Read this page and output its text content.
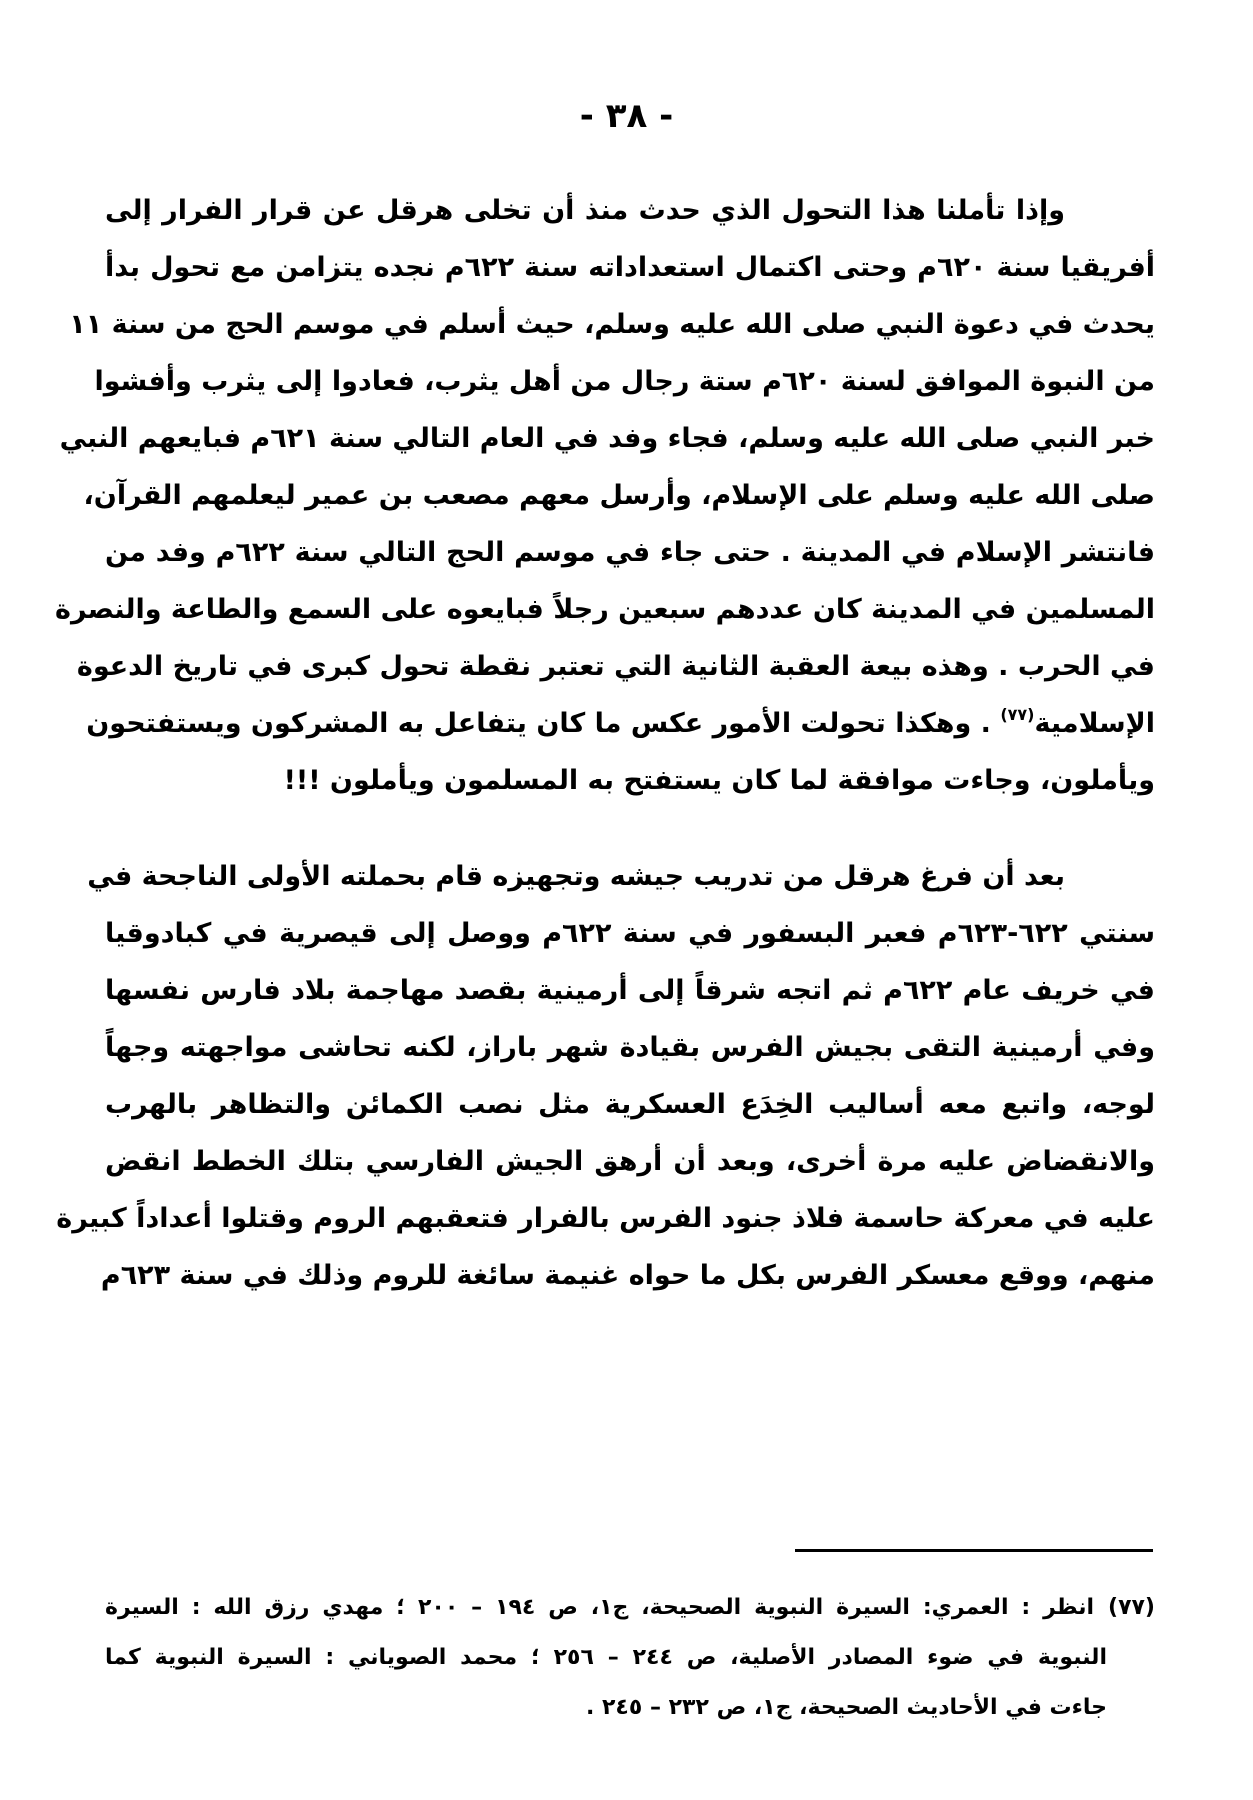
- ٣٨ -
وإذا تأملنا هذا التحول الذي حدث منذ أن تخلى هرقل عن قرار الفرار إلى
أفريقيا سنة ٦٢٠م وحتى اكتمال استعداداته سنة ٦٢٢م نجده يتزامن مع تحول بدأ
يحدث في دعوة النبي صلى الله عليه وسلم، حيث أسلم في موسم الحج من سنة ١١
من النبوة الموافق لسنة ٦٢٠م ستة رجال من أهل يثرب، فعادوا إلى يثرب وأفشوا
خبر النبي صلى الله عليه وسلم، فجاء وفد في العام التالي سنة ٦٢١م فبايعهم النبي
صلى الله عليه وسلم على الإسلام، وأرسل معهم مصعب بن عمير ليعلمهم القرآن،
فانتشر الإسلام في المدينة . حتى جاء في موسم الحج التالي سنة ٦٢٢م وفد من
المسلمين في المدينة كان عددهم سبعين رجلاً فبايعوه على السمع والطاعة والنصرة
في الحرب . وهذه بيعة العقبة الثانية التي تعتبر نقطة تحول كبرى في تاريخ الدعوة
الإسلامية$^{(٧٧)}$ . وهكذا تحولت الأمور عكس ما كان يتفاعل به المشركون ويستفتحون
ويأملون، وجاءت موافقة لما كان يستفتح به المسلمون ويأملون !!!
بعد أن فرغ هرقل من تدريب جيشه وتجهيزه قام بحملته الأولى الناجحة في
سنتي ٦٢٢-٦٢٣م فعبر البسفور في سنة ٦٢٢م ووصل إلى قيصرية في كبادوقيا
في خريف عام ٦٢٢م ثم اتجه شرقاً إلى أرمينية بقصد مهاجمة بلاد فارس نفسها
وفي أرمينية التقى بجيش الفرس بقيادة شهر باراز، لكنه تحاشى مواجهته وجهاً
لوجه، واتبع معه أساليب الخِدَع العسكرية مثل نصب الكمائن والتظاهر بالهرب
والانقضاض عليه مرة أخرى، وبعد أن أرهق الجيش الفارسي بتلك الخطط انقض
عليه في معركة حاسمة فلاذ جنود الفرس بالفرار فتعقبهم الروم وقتلوا أعداداً كبيرة
منهم، ووقع معسكر الفرس بكل ما حواه غنيمة سائغة للروم وذلك في سنة ٦٢٣م
(٧٧)انظر : العمري: السيرة النبوية الصحيحة، ج١، ص ١٩٤ – ٢٠٠ ؛ مهدي رزق الله : السيرة
النبوية في ضوء المصادر الأصلية، ص ٢٤٤ – ٢٥٦ ؛ محمد الصوياني : السيرة النبوية كما
جاءت في الأحاديث الصحيحة، ج١، ص ٢٣٢ – ٢٤٥ .
